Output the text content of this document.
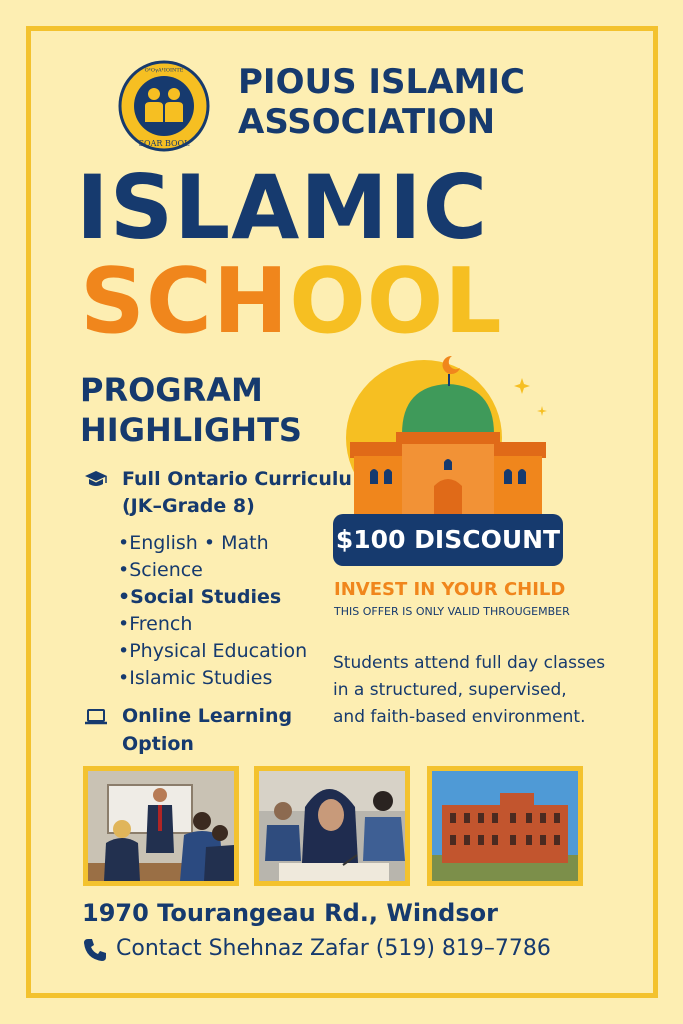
ᴼ'ᴼᵞᴬ'ᴵᴼᴵᴺᵀᴱ
SOAR BOOL
PIOUS ISLAMIC
ASSOCIATION
ISLAMIC
SCHOOL
PROGRAM
HIGHLIGHTS
Full Ontario Curriculu
(JK–Grade 8)
• English • Math
• Science
• Social Studies
• French
• Physical Education
• Islamic Studies
Online Learning
Option
$100 DISCOUNT
INVEST IN YOUR CHILD
THIS OFFER IS ONLY VALID THROUGEMBER
Students attend full day classes
in a structured, supervised,
and faith-based environment.
1970 Tourangeau Rd., Windsor
Contact Shehnaz Zafar (519) 819–7786
